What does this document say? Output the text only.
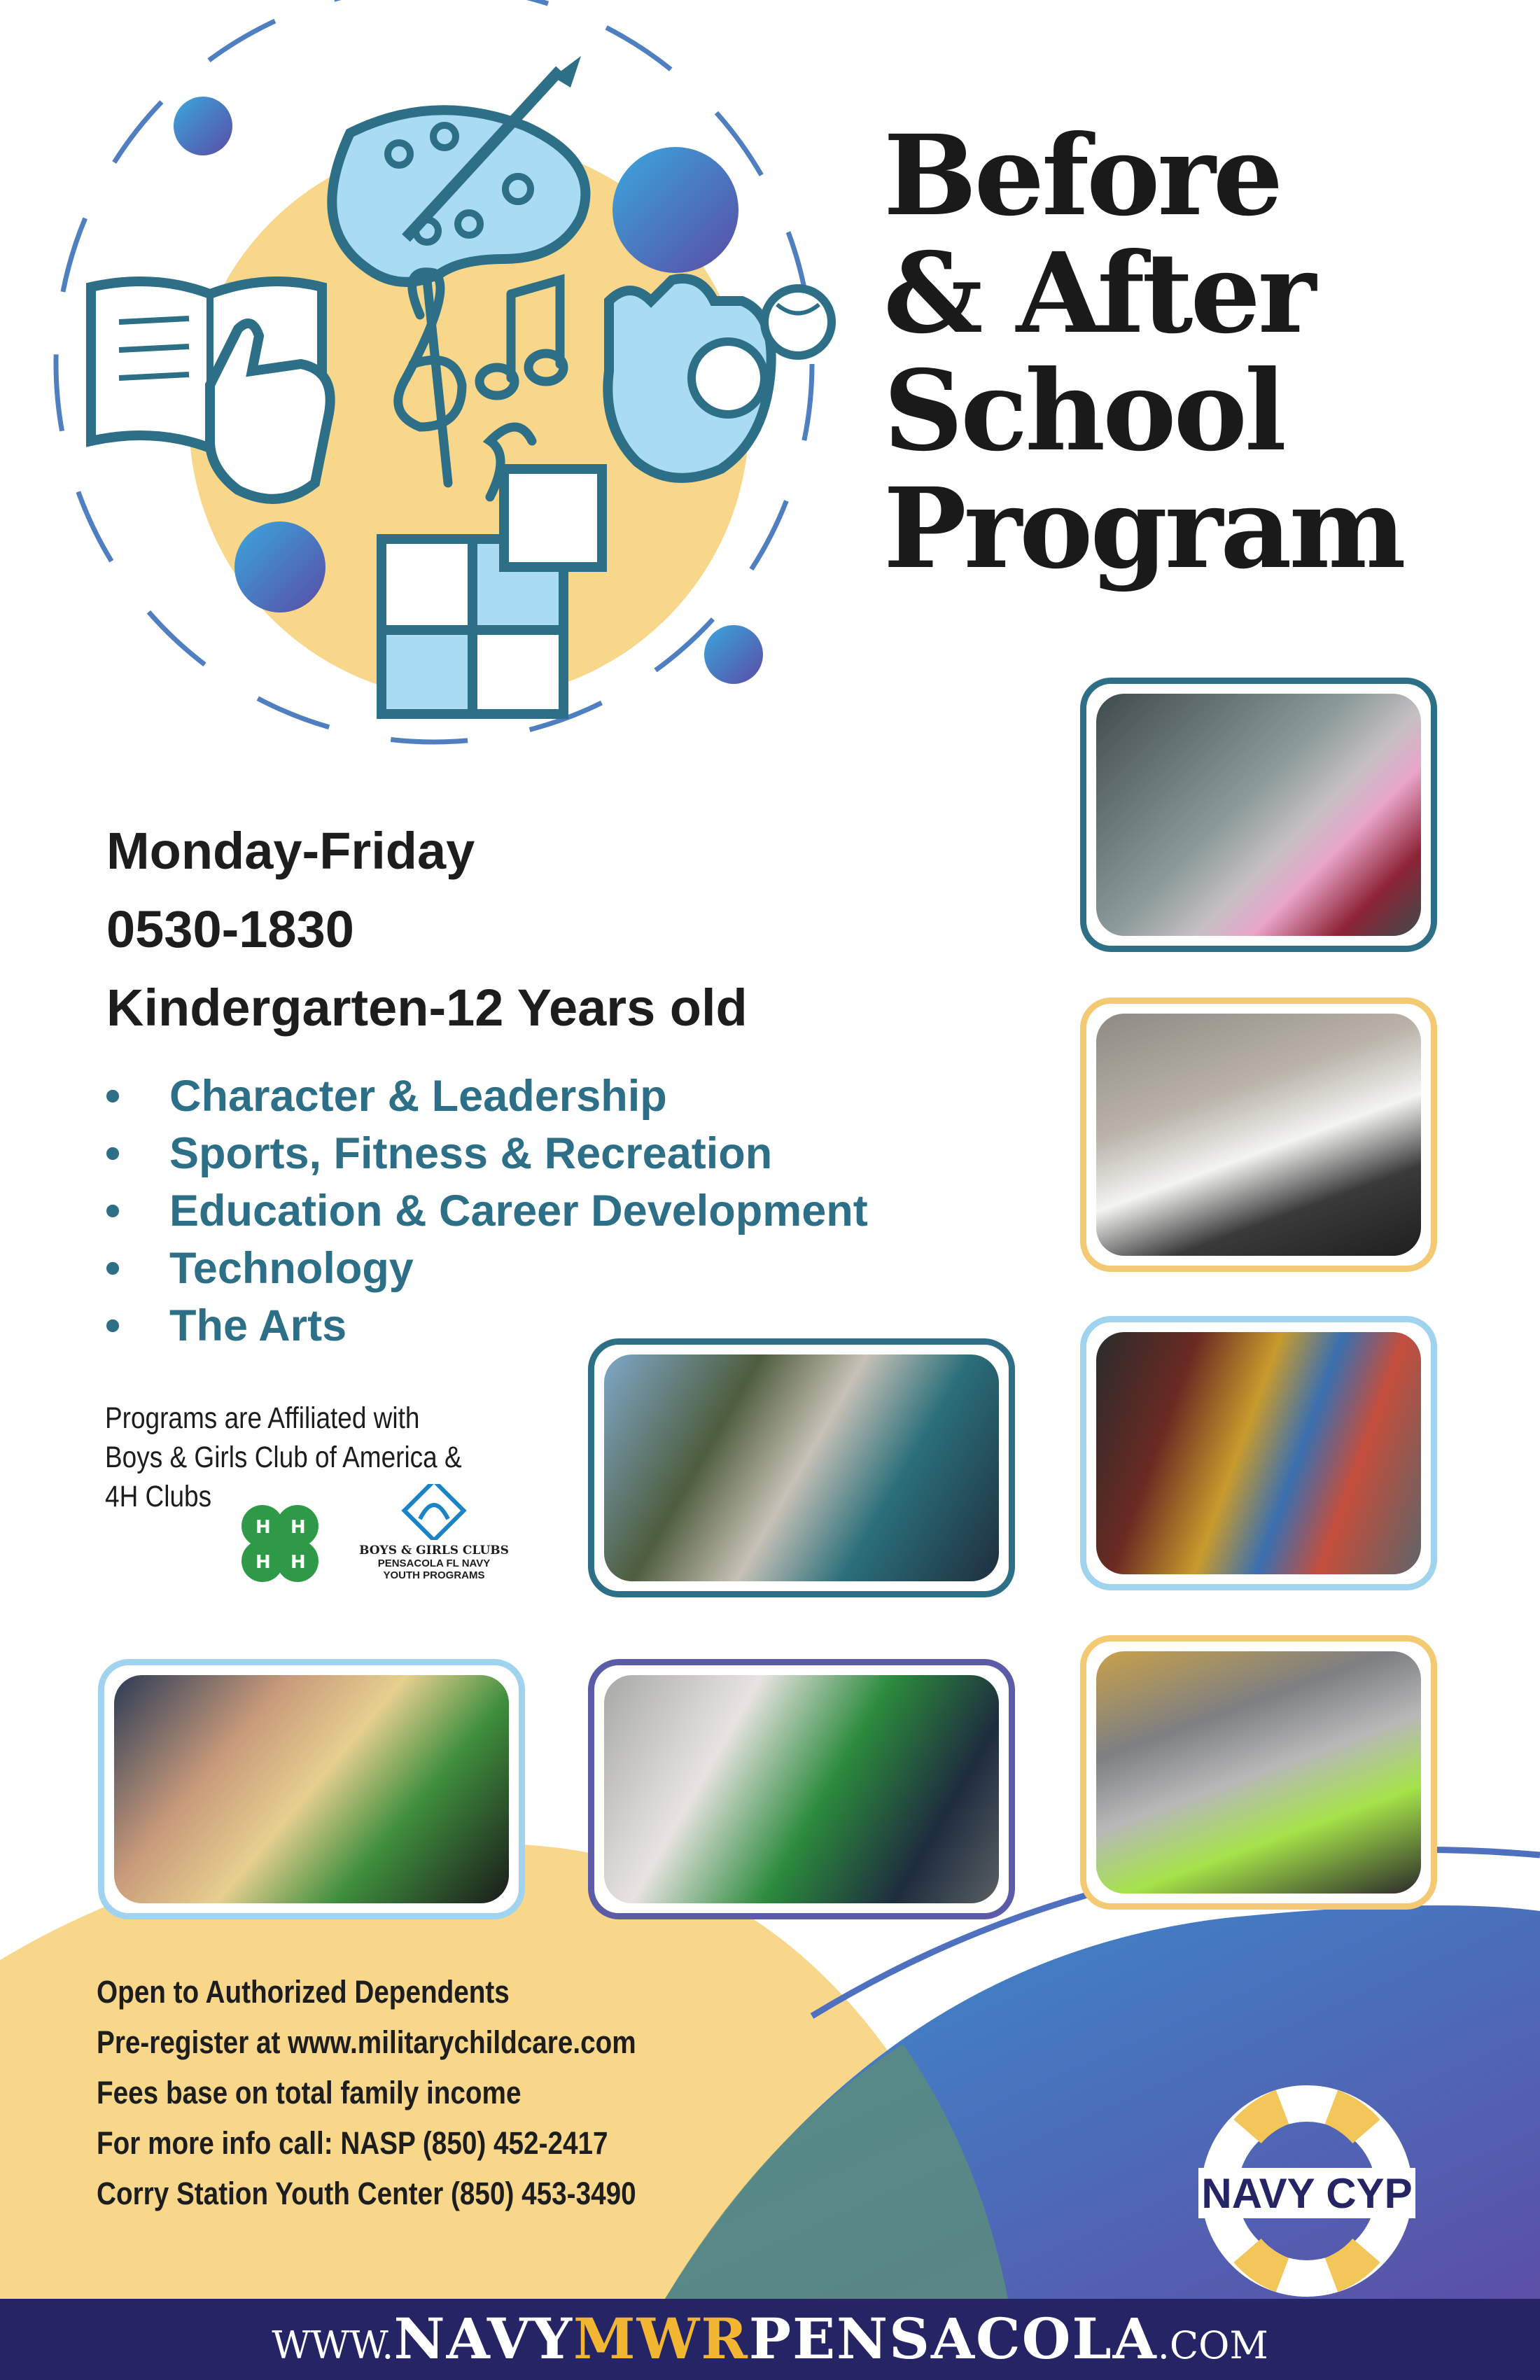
Before
& After
School
Program
Monday-Friday
0530-1830
Kindergarten-12 Years old
• Character & Leadership
• Sports, Fitness & Recreation
• Education & Career Development
• Technology
• The Arts
Programs are Affiliated with
Boys & Girls Club of America &
4H Clubs
H H
H H
BOYS & GIRLS CLUBS
PENSACOLA FL NAVY
YOUTH PROGRAMS
Open to Authorized Dependents
Pre-register at www.militarychildcare.com
Fees base on total family income
For more info call: NASP (850) 452-2417
Corry Station Youth Center (850) 453-3490	NAVY CYP
WWW.NAVYMWRPENSACOLA.COM
